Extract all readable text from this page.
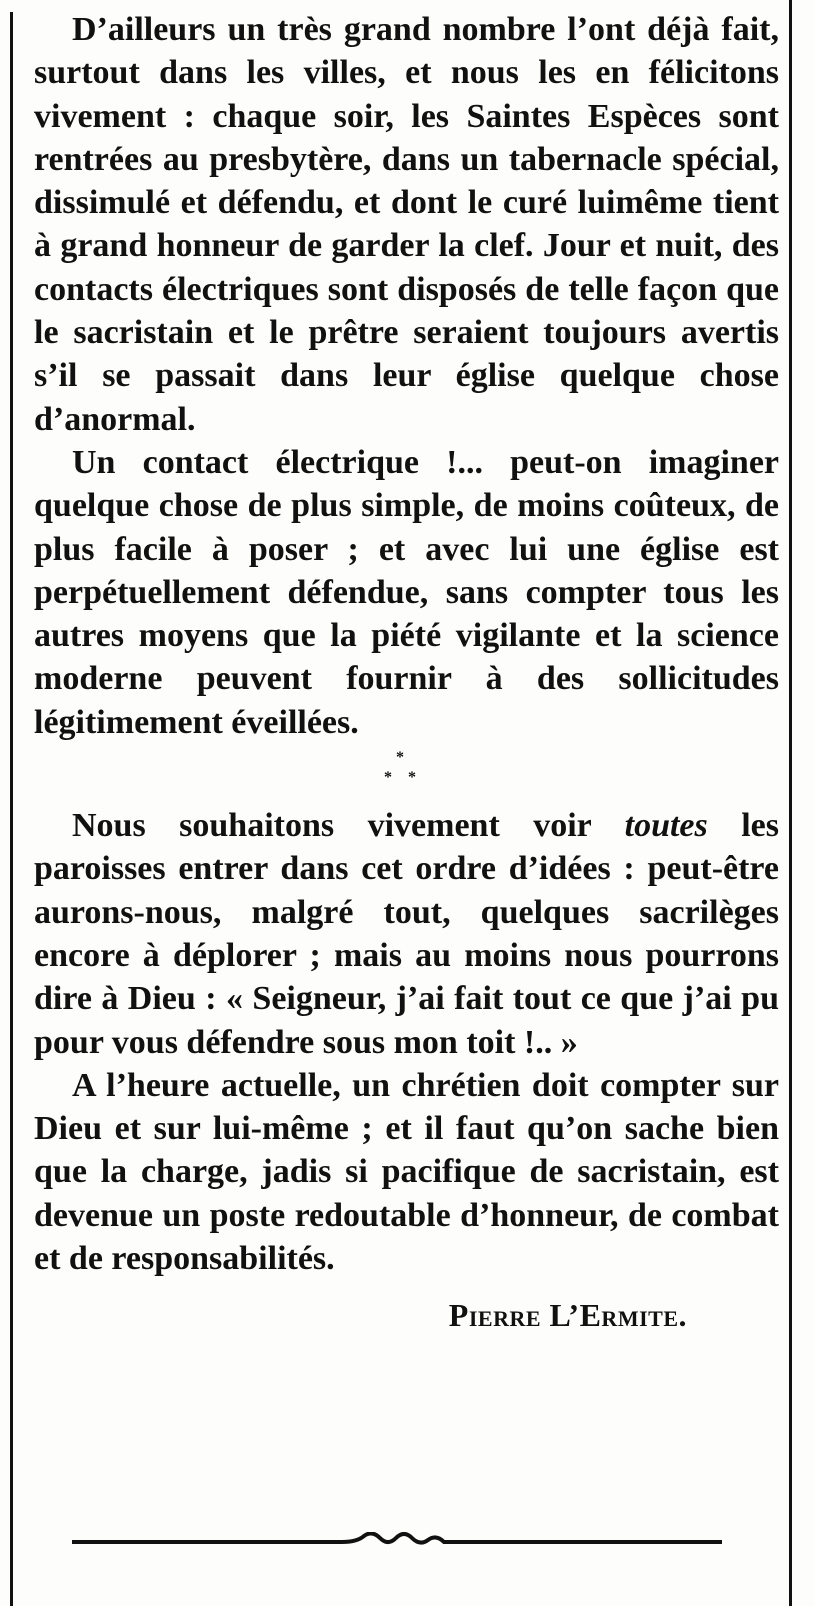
D’ailleurs un très grand nombre l’ont déjà fait, surtout dans les villes, et nous les en félicitons vivement : chaque soir, les Saintes Espèces sont rentrées au presbytère, dans un tabernacle spécial, dissimulé et défendu, et dont le curé luimême tient à grand honneur de garder la clef. Jour et nuit, des contacts électriques sont disposés de telle façon que le sacristain et le prêtre seraient toujours avertis s’il se passait dans leur église quelque chose d’anormal.

Un contact électrique !... peut-on imaginer quelque chose de plus simple, de moins coûteux, de plus facile à poser ; et avec lui une église est perpétuellement défendue, sans compter tous les autres moyens que la piété vigilante et la science moderne peuvent fournir à des sollicitudes légitimement éveillées.

*
* *

Nous souhaitons vivement voir toutes les paroisses entrer dans cet ordre d’idées : peut-être aurons-nous, malgré tout, quelques sacrilèges encore à déplorer ; mais au moins nous pourrons dire à Dieu : « Seigneur, j’ai fait tout ce que j’ai pu pour vous défendre sous mon toit !.. »

A l’heure actuelle, un chrétien doit compter sur Dieu et sur lui-même ; et il faut qu’on sache bien que la charge, jadis si pacifique de sacristain, est devenue un poste redoutable d’honneur, de combat et de responsabilités.

Pierre L’Ermite.
